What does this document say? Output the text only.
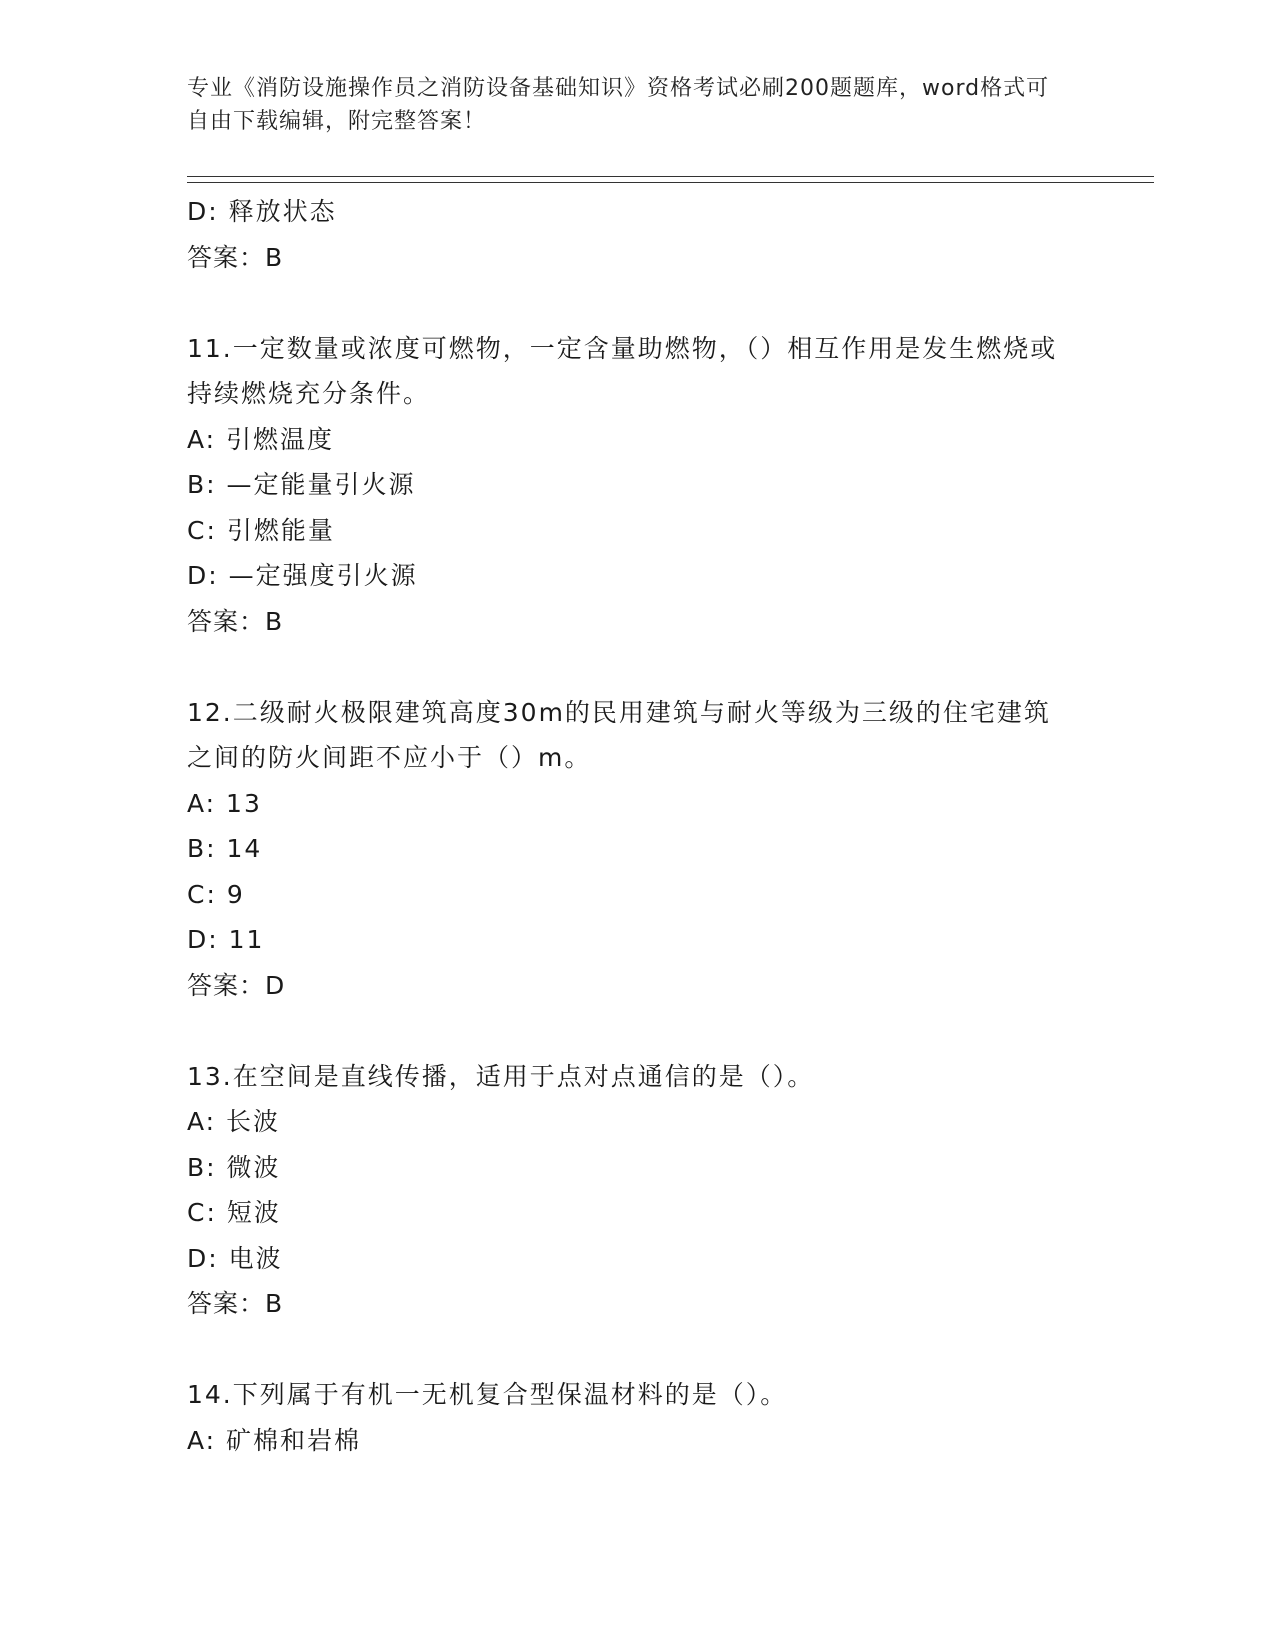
专业《消防设施操作员之消防设备基础知识》资格考试必刷200题题库，word格式可自由下载编辑，附完整答案！
D: 释放状态
答案：B
11.一定数量或浓度可燃物，一定含量助燃物，（）相互作用是发生燃烧或持续燃烧充分条件。
A: 引燃温度
B: —定能量引火源
C: 引燃能量
D: —定强度引火源
答案：B
12.二级耐火极限建筑高度30m的民用建筑与耐火等级为三级的住宅建筑之间的防火间距不应小于（）m。
A: 13
B: 14
C: 9
D: 11
答案：D
13.在空间是直线传播，适用于点对点通信的是（）。
A: 长波
B: 微波
C: 短波
D: 电波
答案：B
14.下列属于有机一无机复合型保温材料的是（）。
A: 矿棉和岩棉
